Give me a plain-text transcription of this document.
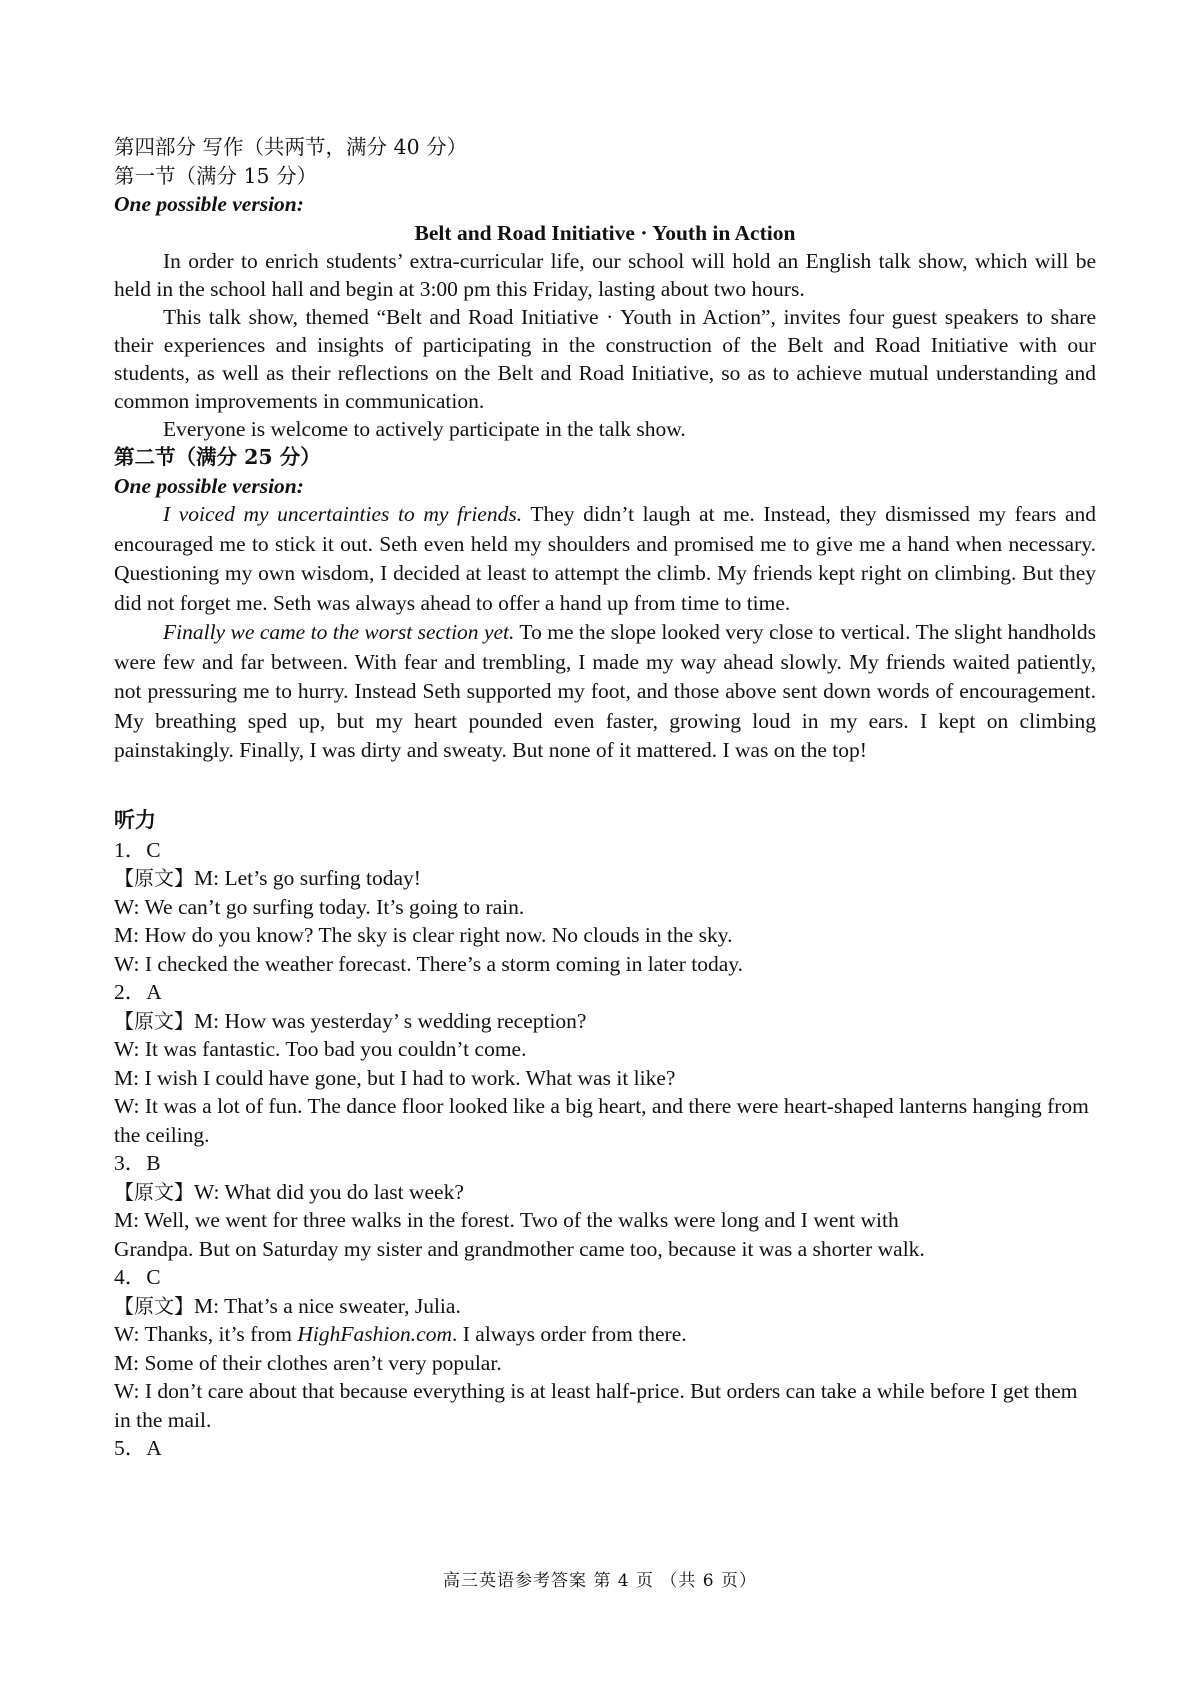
第四部分 写作（共两节，满分 40 分）
第一节（满分 15 分）
One possible version:
Belt and Road Initiative · Youth in Action

In order to enrich students’ extra-curricular life, our school will hold an English talk show, which will be held in the school hall and begin at 3:00 pm this Friday, lasting about two hours.

This talk show, themed “Belt and Road Initiative · Youth in Action”, invites four guest speakers to share their experiences and insights of participating in the construction of the Belt and Road Initiative with our students, as well as their reflections on the Belt and Road Initiative, so as to achieve mutual understanding and common improvements in communication.

Everyone is welcome to actively participate in the talk show.

第二节（满分 25 分）
One possible version:

I voiced my uncertainties to my friends. They didn’t laugh at me. Instead, they dismissed my fears and encouraged me to stick it out. Seth even held my shoulders and promised me to give me a hand when necessary. Questioning my own wisdom, I decided at least to attempt the climb. My friends kept right on climbing. But they did not forget me. Seth was always ahead to offer a hand up from time to time.

Finally we came to the worst section yet. To me the slope looked very close to vertical. The slight handholds were few and far between. With fear and trembling, I made my way ahead slowly. My friends waited patiently, not pressuring me to hurry. Instead Seth supported my foot, and those above sent down words of encouragement. My breathing sped up, but my heart pounded even faster, growing loud in my ears. I kept on climbing painstakingly. Finally, I was dirty and sweaty. But none of it mattered. I was on the top!

听力
1．C
【原文】M: Let’s go surfing today!
W: We can’t go surfing today. It’s going to rain.
M: How do you know? The sky is clear right now. No clouds in the sky.
W: I checked the weather forecast. There’s a storm coming in later today.
2．A
【原文】M: How was yesterday’ s wedding reception?
W: It was fantastic. Too bad you couldn’t come.
M: I wish I could have gone, but I had to work. What was it like?
W: It was a lot of fun. The dance floor looked like a big heart, and there were heart-shaped lanterns hanging from the ceiling.
3．B
【原文】W: What did you do last week?
M: Well, we went for three walks in the forest. Two of the walks were long and I went with
Grandpa. But on Saturday my sister and grandmother came too, because it was a shorter walk.
4．C
【原文】M: That’s a nice sweater, Julia.
W: Thanks, it’s from HighFashion.com. I always order from there.
M: Some of their clothes aren’t very popular.
W: I don’t care about that because everything is at least half-price. But orders can take a while before I get them in the mail.
5．A
高三英语参考答案 第 4 页 （共 6 页）
